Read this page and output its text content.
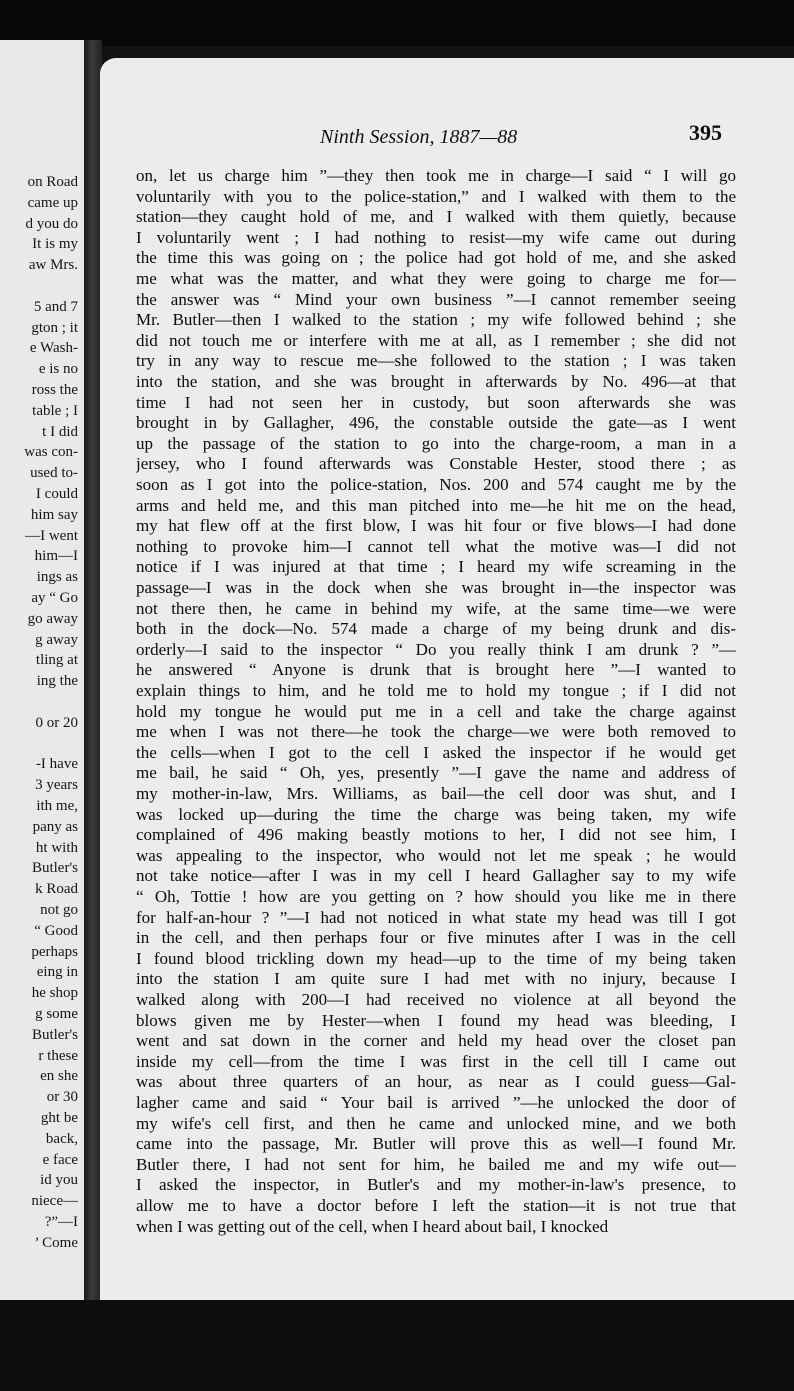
on Road
came up
d you do
It is my
aw Mrs.
5 and 7
gton ; it
e Wash-
e is no
ross the
table ; I
t I did
was con-
used to-
I could
him say
—I went
him—I
ings as
ay “ Go
go away
g away
tling at
ing the
0 or 20
-I have
3 years
ith me,
pany as
ht with
Butler's
k Road
not go
“ Good
perhaps
eing in
he shop
g some
Butler's
r these
en she
or 30
ght be
back,
e face
id you
niece—
?”—I
’ Come
Ninth Session, 1887—88	395
on, let us charge him ”—they then took me in charge—I said “ I will go
voluntarily with you to the police-station,” and I walked with them to the
station—they caught hold of me, and I walked with them quietly, because
I voluntarily went ; I had nothing to resist—my wife came out during
the time this was going on ; the police had got hold of me, and she asked
me what was the matter, and what they were going to charge me for—
the answer was “ Mind your own business ”—I cannot remember seeing
Mr. Butler—then I walked to the station ; my wife followed behind ; she
did not touch me or interfere with me at all, as I remember ; she did not
try in any way to rescue me—she followed to the station ; I was taken
into the station, and she was brought in afterwards by No. 496—at that
time I had not seen her in custody, but soon afterwards she was
brought in by Gallagher, 496, the constable outside the gate—as I went
up the passage of the station to go into the charge-room, a man in a
jersey, who I found afterwards was Constable Hester, stood there ; as
soon as I got into the police-station, Nos. 200 and 574 caught me by the
arms and held me, and this man pitched into me—he hit me on the head,
my hat flew off at the first blow, I was hit four or five blows—I had done
nothing to provoke him—I cannot tell what the motive was—I did not
notice if I was injured at that time ; I heard my wife screaming in the
passage—I was in the dock when she was brought in—the inspector was
not there then, he came in behind my wife, at the same time—we were
both in the dock—No. 574 made a charge of my being drunk and dis-
orderly—I said to the inspector “ Do you really think I am drunk ? ”—
he answered “ Anyone is drunk that is brought here ”—I wanted to
explain things to him, and he told me to hold my tongue ; if I did not
hold my tongue he would put me in a cell and take the charge against
me when I was not there—he took the charge—we were both removed to
the cells—when I got to the cell I asked the inspector if he would get
me bail, he said “ Oh, yes, presently ”—I gave the name and address of
my mother-in-law, Mrs. Williams, as bail—the cell door was shut, and I
was locked up—during the time the charge was being taken, my wife
complained of 496 making beastly motions to her, I did not see him, I
was appealing to the inspector, who would not let me speak ; he would
not take notice—after I was in my cell I heard Gallagher say to my wife
“ Oh, Tottie ! how are you getting on ? how should you like me in there
for half-an-hour ? ”—I had not noticed in what state my head was till I got
in the cell, and then perhaps four or five minutes after I was in the cell
I found blood trickling down my head—up to the time of my being taken
into the station I am quite sure I had met with no injury, because I
walked along with 200—I had received no violence at all beyond the
blows given me by Hester—when I found my head was bleeding, I
went and sat down in the corner and held my head over the closet pan
inside my cell—from the time I was first in the cell till I came out
was about three quarters of an hour, as near as I could guess—Gal-
lagher came and said “ Your bail is arrived ”—he unlocked the door of
my wife's cell first, and then he came and unlocked mine, and we both
came into the passage, Mr. Butler will prove this as well—I found Mr.
Butler there, I had not sent for him, he bailed me and my wife out—
I asked the inspector, in Butler's and my mother-in-law's presence, to
allow me to have a doctor before I left the station—it is not true that
when I was getting out of the cell, when I heard about bail, I knocked
